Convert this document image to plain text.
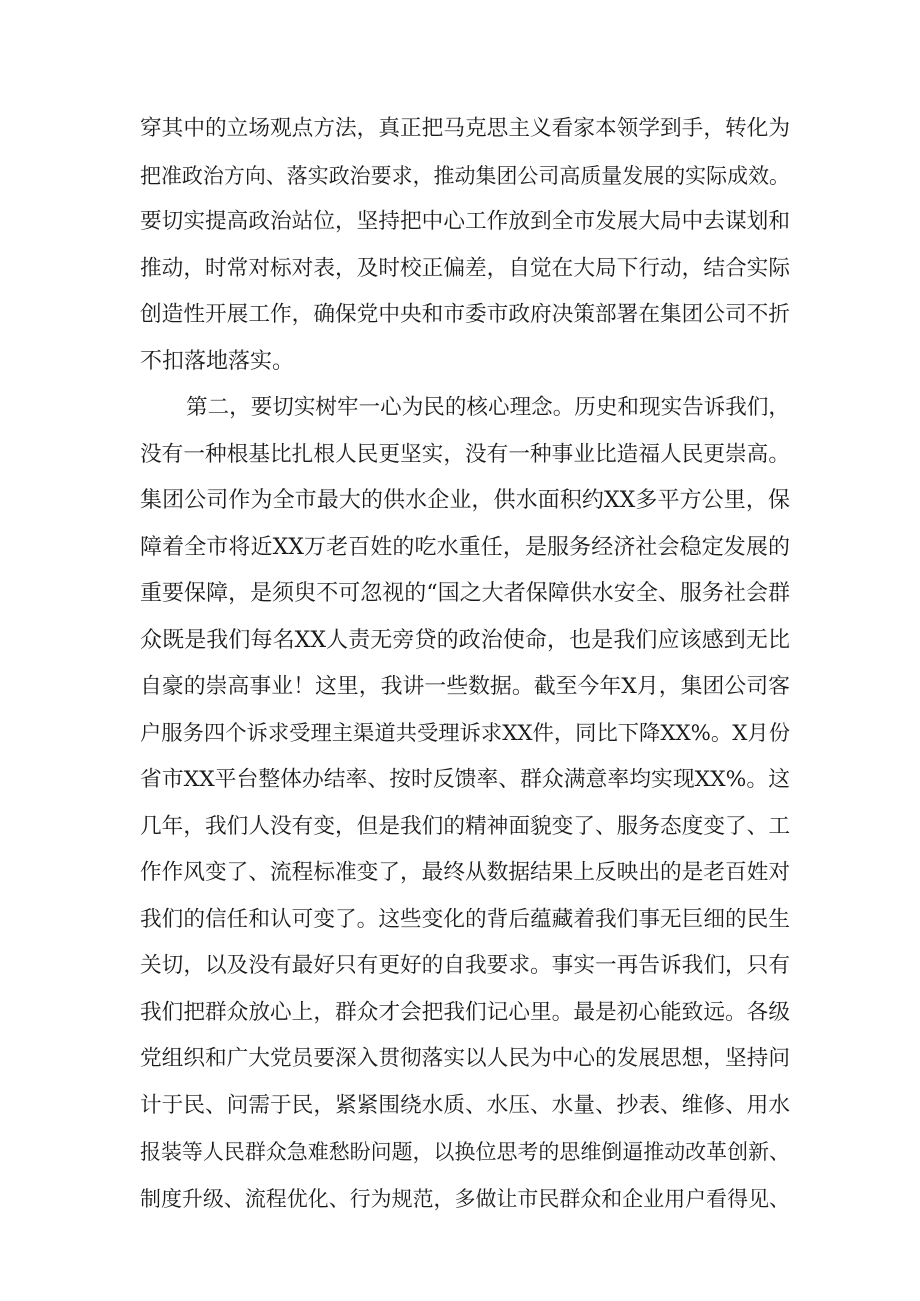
穿其中的立场观点方法，真正把马克思主义看家本领学到手，转化为
把准政治方向、落实政治要求，推动集团公司高质量发展的实际成效。
要切实提高政治站位，坚持把中心工作放到全市发展大局中去谋划和
推动，时常对标对表，及时校正偏差，自觉在大局下行动，结合实际
创造性开展工作，确保党中央和市委市政府决策部署在集团公司不折
不扣落地落实。
第二，要切实树牢一心为民的核心理念。历史和现实告诉我们，
没有一种根基比扎根人民更坚实，没有一种事业比造福人民更崇高。
集团公司作为全市最大的供水企业，供水面积约XX多平方公里，保
障着全市将近XX万老百姓的吃水重任，是服务经济社会稳定发展的
重要保障，是须臾不可忽视的“国之大者保障供水安全、服务社会群
众既是我们每名XX人责无旁贷的政治使命，也是我们应该感到无比
自豪的崇高事业！这里，我讲一些数据。截至今年X月，集团公司客
户服务四个诉求受理主渠道共受理诉求XX件，同比下降XX%。X月份
省市XX平台整体办结率、按时反馈率、群众满意率均实现XX%。这
几年，我们人没有变，但是我们的精神面貌变了、服务态度变了、工
作作风变了、流程标准变了，最终从数据结果上反映出的是老百姓对
我们的信任和认可变了。这些变化的背后蕴藏着我们事无巨细的民生
关切，以及没有最好只有更好的自我要求。事实一再告诉我们，只有
我们把群众放心上，群众才会把我们记心里。最是初心能致远。各级
党组织和广大党员要深入贯彻落实以人民为中心的发展思想，坚持问
计于民、问需于民，紧紧围绕水质、水压、水量、抄表、维修、用水
报装等人民群众急难愁盼问题，以换位思考的思维倒逼推动改革创新、
制度升级、流程优化、行为规范，多做让市民群众和企业用户看得见、
